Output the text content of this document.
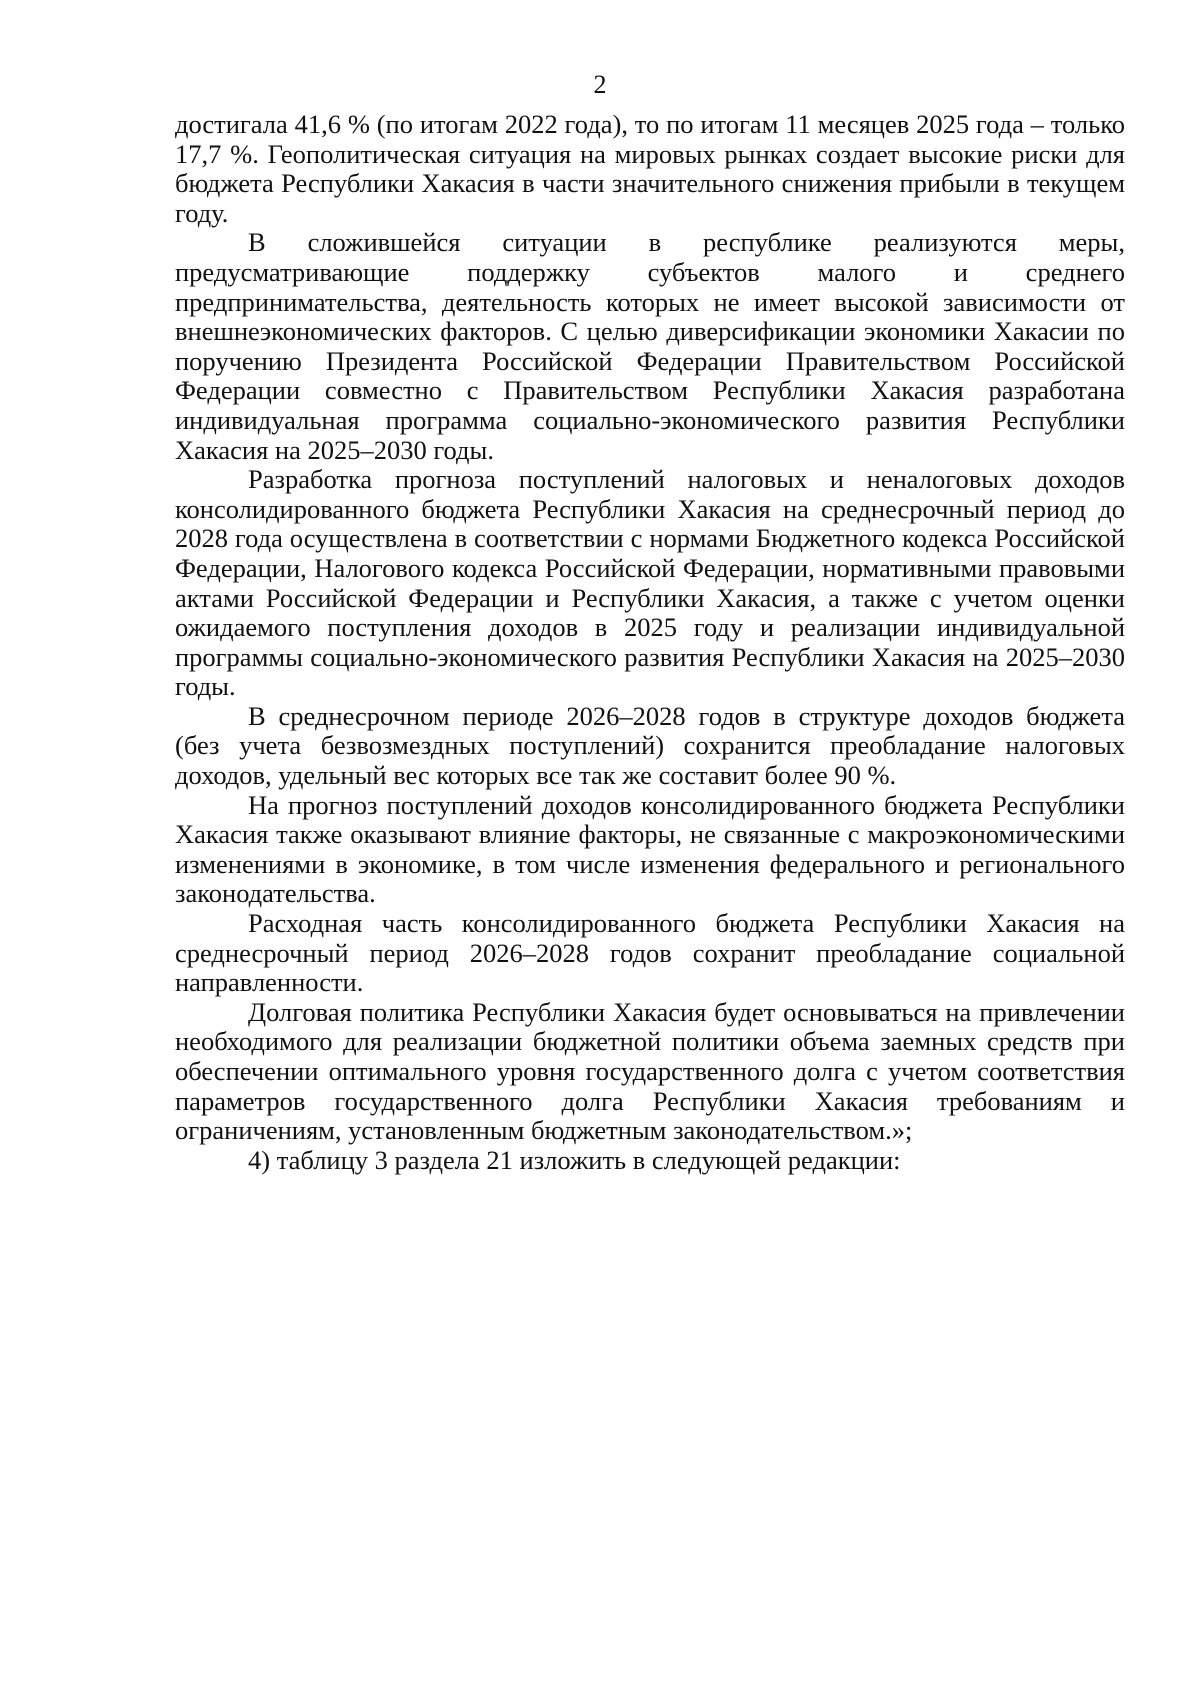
2

достигала 41,6 % (по итогам 2022 года), то по итогам 11 месяцев 2025 года – только 17,7 %. Геополитическая ситуация на мировых рынках создает высокие риски для бюджета Республики Хакасия в части значительного снижения прибыли в текущем году.

В сложившейся ситуации в республике реализуются меры, предусматривающие поддержку субъектов малого и среднего предпринимательства, деятельность которых не имеет высокой зависимости от внешнеэкономических факторов. С целью диверсификации экономики Хакасии по поручению Президента Российской Федерации Правительством Российской Федерации совместно с Правительством Республики Хакасия разработана индивидуальная программа социально-экономического развития Республики Хакасия на 2025–2030 годы.

Разработка прогноза поступлений налоговых и неналоговых доходов консолидированного бюджета Республики Хакасия на среднесрочный период до 2028 года осуществлена в соответствии с нормами Бюджетного кодекса Российской Федерации, Налогового кодекса Российской Федерации, нормативными правовыми актами Российской Федерации и Республики Хакасия, а также с учетом оценки ожидаемого поступления доходов в 2025 году и реализации индивидуальной программы социально-экономического развития Республики Хакасия на 2025–2030 годы.

В среднесрочном периоде 2026–2028 годов в структуре доходов бюджета (без учета безвозмездных поступлений) сохранится преобладание налоговых доходов, удельный вес которых все так же составит более 90 %.

На прогноз поступлений доходов консолидированного бюджета Республики Хакасия также оказывают влияние факторы, не связанные с макроэкономическими изменениями в экономике, в том числе изменения федерального и регионального законодательства.

Расходная часть консолидированного бюджета Республики Хакасия на среднесрочный период 2026–2028 годов сохранит преобладание социальной направленности.

Долговая политика Республики Хакасия будет основываться на привлечении необходимого для реализации бюджетной политики объема заемных средств при обеспечении оптимального уровня государственного долга с учетом соответствия параметров государственного долга Республики Хакасия требованиям и ограничениям, установленным бюджетным законодательством.»;

4) таблицу 3 раздела 21 изложить в следующей редакции:
